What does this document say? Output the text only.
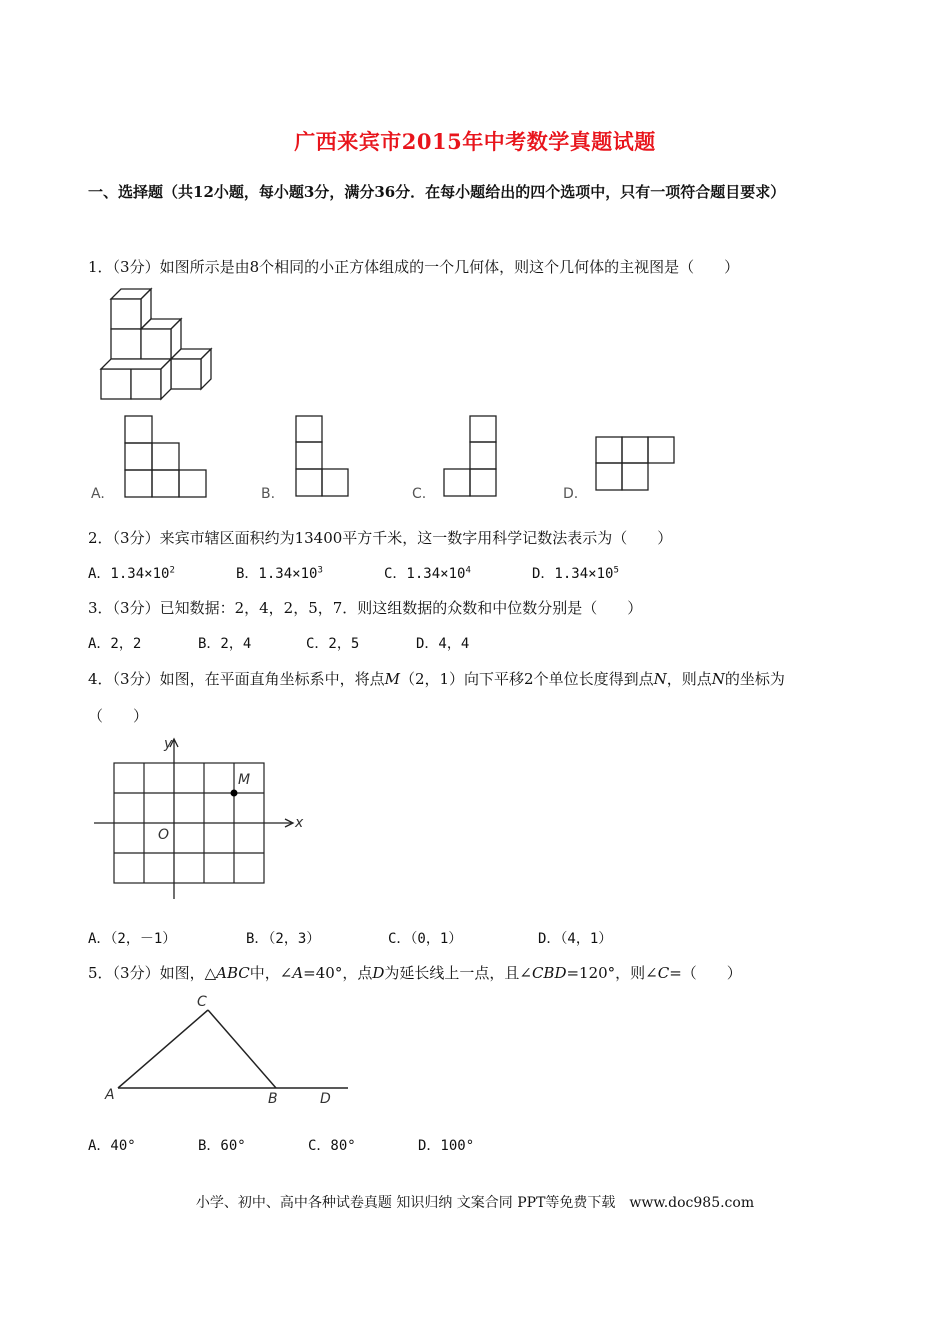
广西来宾市2015年中考数学真题试题
一、选择题（共12小题，每小题3分，满分36分．在每小题给出的四个选项中，只有一项符合题目要求）
1．（3分）如图所示是由8个相同的小正方体组成的一个几何体，则这个几何体的主视图是（　　）
A.	B.	C.	D.
2．（3分）来宾市辖区面积约为13400平方千米，这一数字用科学记数法表示为（　　）
A．$1.34\times 10^2$	B．$1.34\times 10^3$	C．$1.34\times 10^4$	D．$1.34\times 10^5$
3．（3分）已知数据：2，4，2，5，7．则这组数据的众数和中位数分别是（　　）
A．2，2	B．2，4	C．2，5	D．4，4
4．（3分）如图，在平面直角坐标系中，将点M（2，1）向下平移2个单位长度得到点N，则点N的坐标为
（　　）
y
x
O
M
A．（2，－1）	B．（2，3）	C．（0，1）	D．（4，1）
5．（3分）如图，△ABC中，∠A=40°，点D为延长线上一点，且∠CBD=120°，则∠C=（　　）
C
A	B	D
A．40°	B．60°	C．80°	D．100°
小学、初中、高中各种试卷真题 知识归纳 文案合同 PPT等免费下载　www.doc985.com
